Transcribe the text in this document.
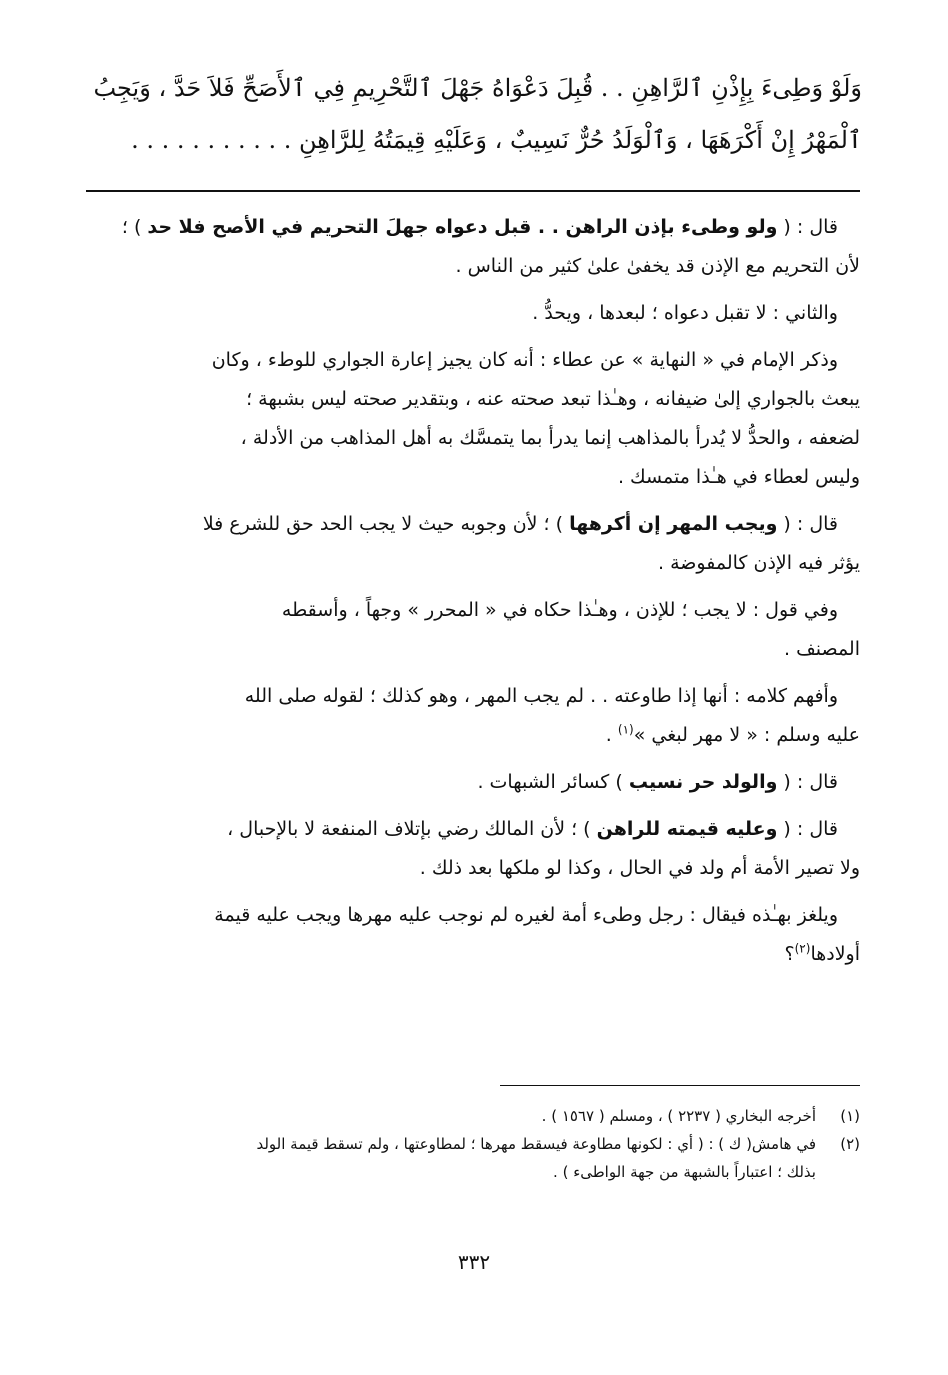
وَلَوْ وَطِىءَ بِإِذْنِ ٱلرَّاهِنِ . . قُبِلَ دَعْوَاهُ جَهْلَ ٱلتَّحْرِيمِ فِي ٱلأَصَحِّ فَلاَ حَدَّ ، وَيَجِبُ
ٱلْمَهْرُ إِنْ أَكْرَهَهَا ، وَٱلْوَلَدُ حُرٌّ نَسِيبٌ ، وَعَلَيْهِ قِيمَتُهُ لِلرَّاهِنِ . . . . . . . . . . .
قال : ( ولو وطىء بإذن الراهن . . قبل دعواه جهلَ التحريم في الأصح فلا حد ) ؛
لأن التحريم مع الإذن قد يخفىٰ علىٰ كثير من الناس .
والثاني : لا تقبل دعواه ؛ لبعدها ، ويحدُّ .
وذكر الإمام في « النهاية » عن عطاء : أنه كان يجيز إعارة الجواري للوطء ، وكان
يبعث بالجواري إلىٰ ضيفانه ، وهـٰذا تبعد صحته عنه ، وبتقدير صحته ليس بشبهة ؛
لضعفه ، والحدُّ لا يُدرأ بالمذاهب إنما يدرأ بما يتمسَّك به أهل المذاهب من الأدلة ،
وليس لعطاء في هـٰذا متمسك .
قال : ( ويجب المهر إن أكرهها ) ؛ لأن وجوبه حيث لا يجب الحد حق للشرع فلا
يؤثر فيه الإذن كالمفوضة .
وفي قول : لا يجب ؛ للإذن ، وهـٰذا حكاه في « المحرر » وجهاً ، وأسقطه
المصنف .
وأفهم كلامه : أنها إذا طاوعته . . لم يجب المهر ، وهو كذلك ؛ لقوله صلى الله
عليه وسلم : « لا مهر لبغي »$^{(١)}$ .
قال : ( والولد حر نسيب ) كسائر الشبهات .
قال : ( وعليه قيمته للراهن ) ؛ لأن المالك رضي بإتلاف المنفعة لا بالإحبال ،
ولا تصير الأمة أم ولد في الحال ، وكذا لو ملكها بعد ذلك .
ويلغز بهـٰذه فيقال : رجل وطىء أمة لغيره لم نوجب عليه مهرها ويجب عليه قيمة
أولادها$^{(٢)}$؟
(١)
أخرجه البخاري ( ٢٢٣٧ ) ، ومسلم ( ١٥٦٧ ) .
(٢)
في هامش( ك ) : ( أي : لكونها مطاوعة فيسقط مهرها ؛ لمطاوعتها ، ولم تسقط قيمة الولد
بذلك ؛ اعتباراً بالشبهة من جهة الواطىء ) .
٣٣٢
